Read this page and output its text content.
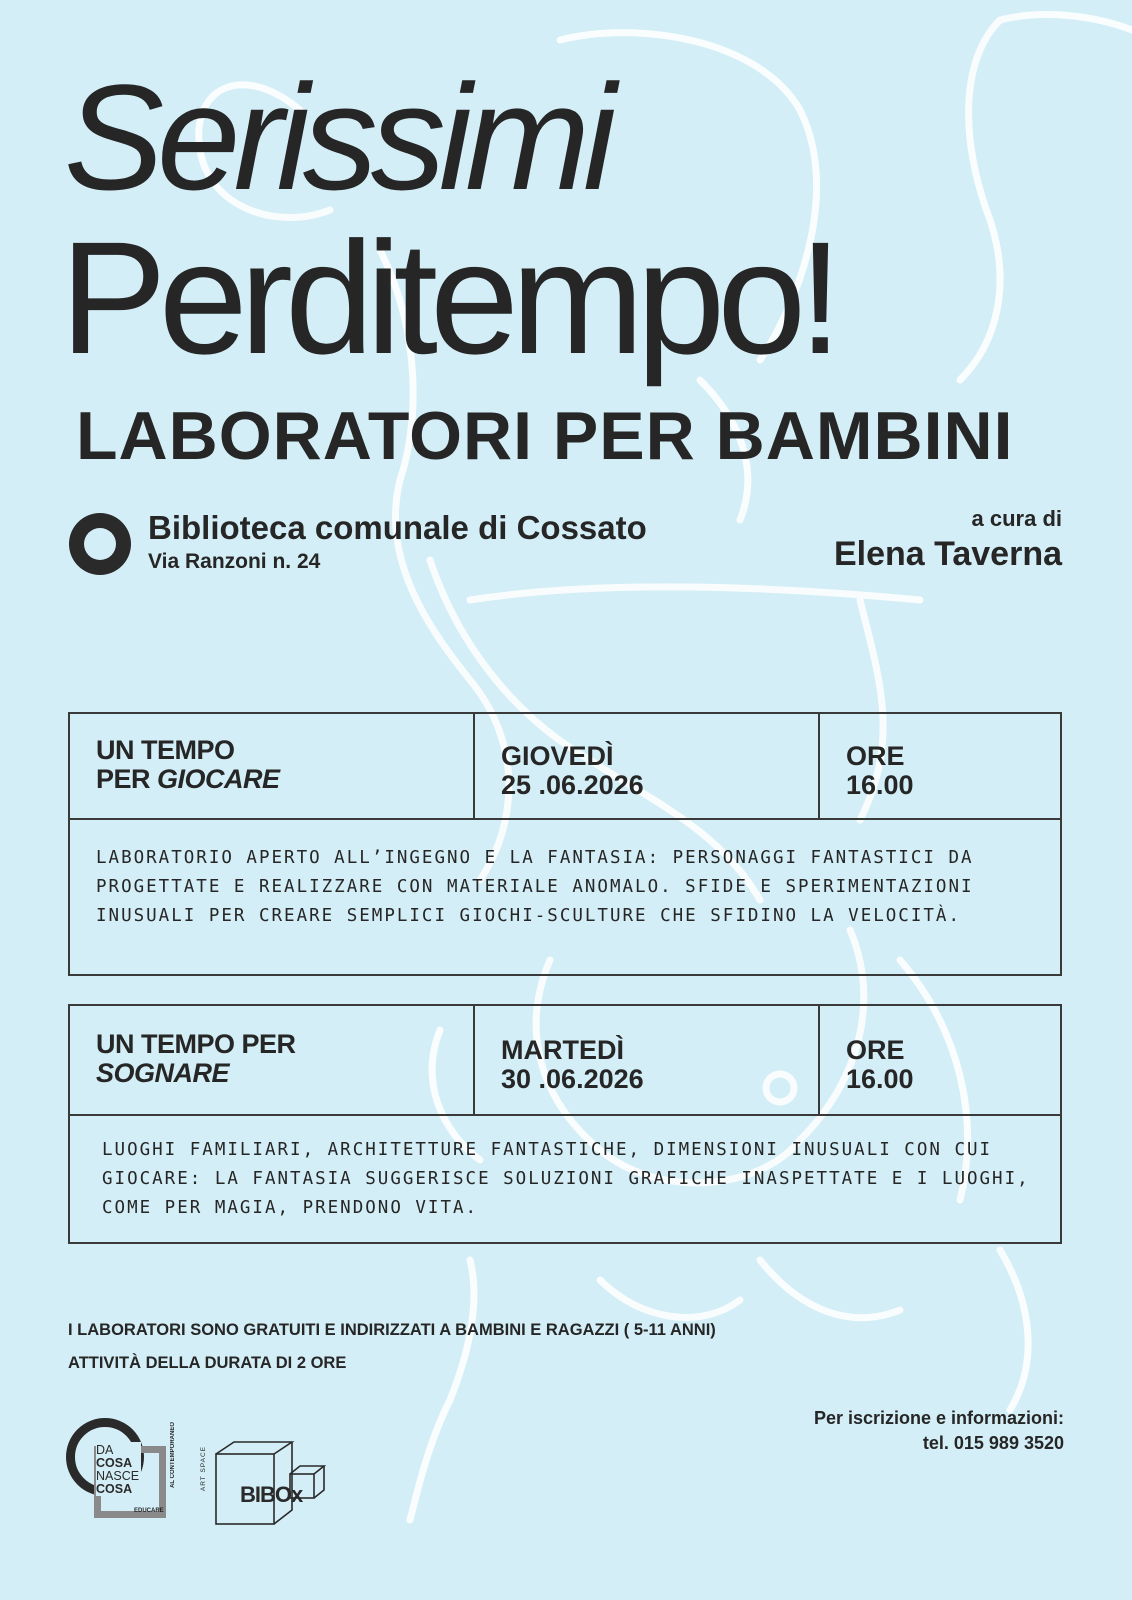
Serissimi
Perditempo!
LABORATORI PER BAMBINI
Biblioteca comunale di Cossato
Via Ranzoni n. 24
a cura di
Elena Taverna
UN TEMPO
PER GIOCARE
GIOVEDÌ
25 .06.2026
ORE
16.00
LABORATORIO APERTO ALL’INGEGNO E LA FANTASIA: PERSONAGGI FANTASTICI DA PROGETTATE E REALIZZARE CON MATERIALE ANOMALO. SFIDE E SPERIMENTAZIONI INUSUALI PER CREARE SEMPLICI GIOCHI-SCULTURE CHE SFIDINO LA VELOCITÀ.
UN TEMPO PER
SOGNARE
MARTEDÌ
30 .06.2026
ORE
16.00
LUOGHI FAMILIARI, ARCHITETTURE FANTASTICHE, DIMENSIONI INUSUALI CON CUI GIOCARE: LA FANTASIA SUGGERISCE SOLUZIONI GRAFICHE INASPETTATE E I LUOGHI, COME PER MAGIA, PRENDONO VITA.
I LABORATORI SONO GRATUITI E INDIRIZZATI A BAMBINI E RAGAZZI ( 5-11 ANNI)
ATTIVITÀ DELLA DURATA DI 2 ORE
Per iscrizione e informazioni:
tel. 015 989 3520
DA
COSA
NASCE
COSA
AL CONTEMPORANEO
EDUCARE
ART SPACE
BIBOx
